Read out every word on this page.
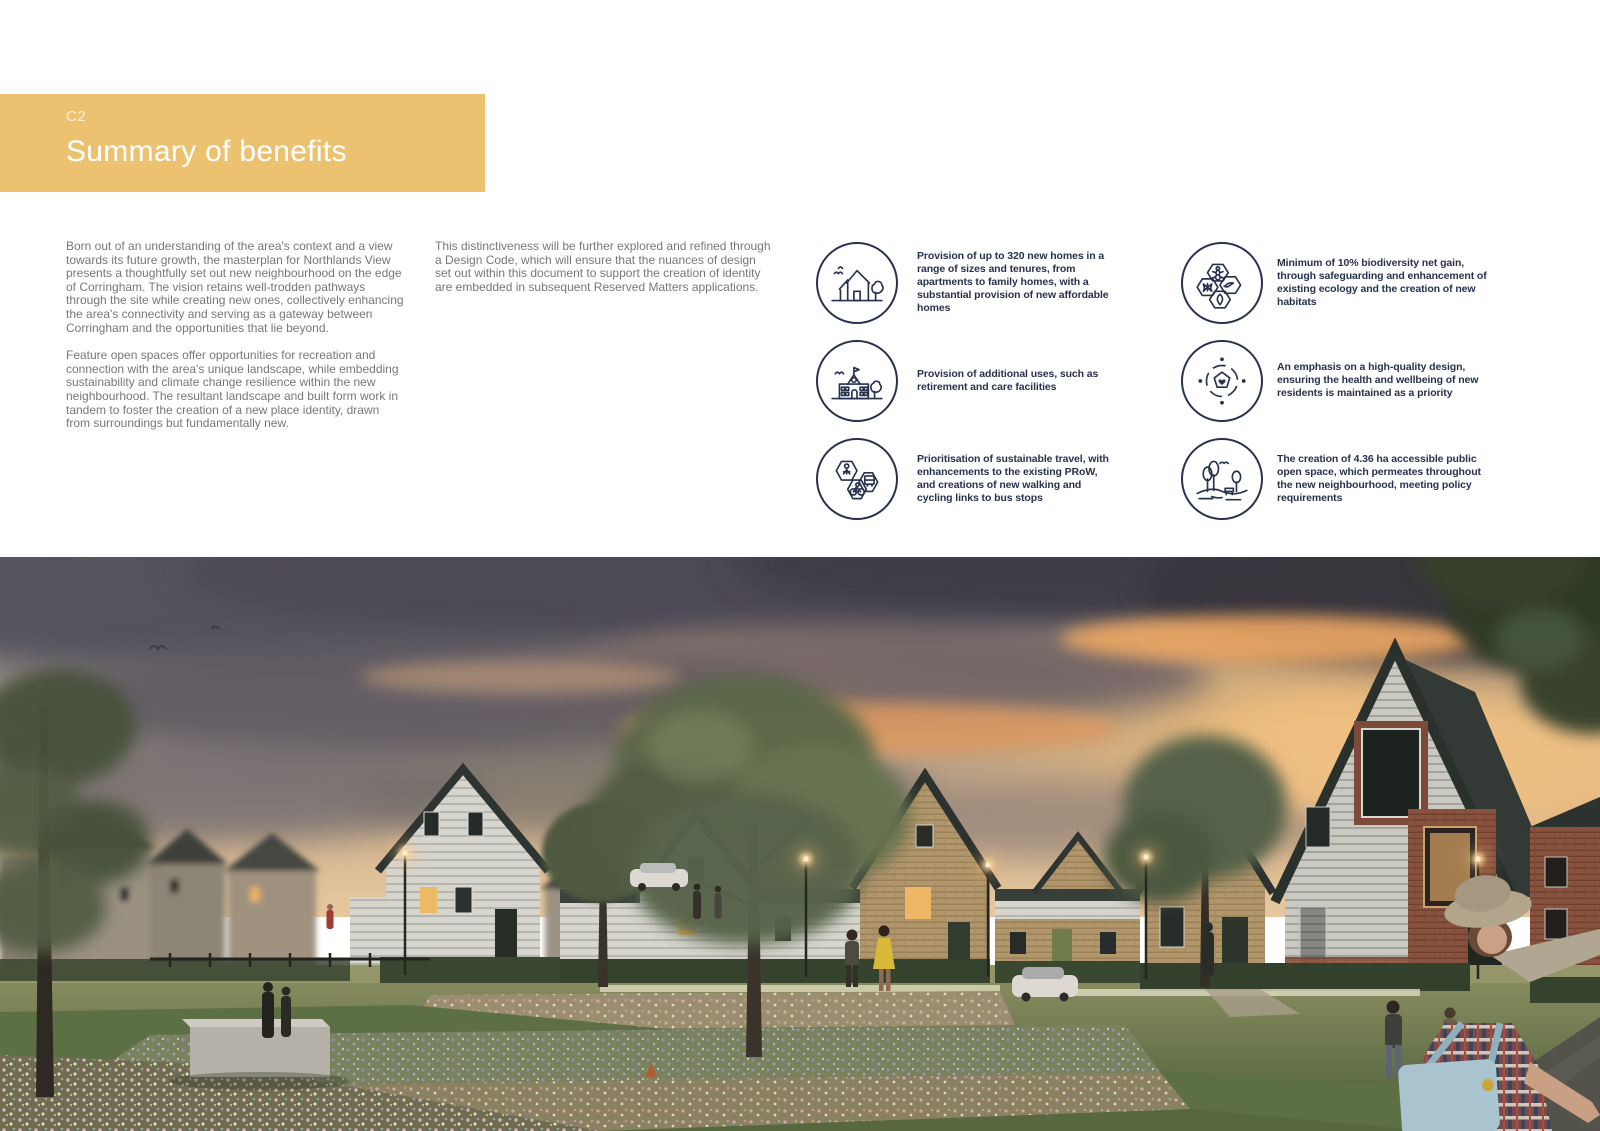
C2
Summary of benefits

Born out of an understanding of the area's context and a view towards its future growth, the masterplan for Northlands View presents a thoughtfully set out new neighbourhood on the edge of Corringham. The vision retains well-trodden pathways through the site while creating new ones, collectively enhancing the area's connectivity and serving as a gateway between Corringham and the opportunities that lie beyond.

Feature open spaces offer opportunities for recreation and connection with the area's unique landscape, while embedding sustainability and climate change resilience within the new neighbourhood. The resultant landscape and built form work in tandem to foster the creation of a new place identity, drawn from surroundings but fundamentally new.

This distinctiveness will be further explored and refined through a Design Code, which will ensure that the nuances of design set out within this document to support the creation of identity are embedded in subsequent Reserved Matters applications.

Provision of up to 320 new homes in a range of sizes and tenures, from apartments to family homes, with a substantial provision of new affordable homes
Provision of additional uses, such as retirement and care facilities
Prioritisation of sustainable travel, with enhancements to the existing PRoW, and creations of new walking and cycling links to bus stops
Minimum of 10% biodiversity net gain, through safeguarding and enhancement of existing ecology and the creation of new habitats
An emphasis on a high-quality design, ensuring the health and wellbeing of new residents is maintained as a priority
The creation of 4.36 ha accessible public open space, which permeates throughout the new neighbourhood, meeting policy requirements
